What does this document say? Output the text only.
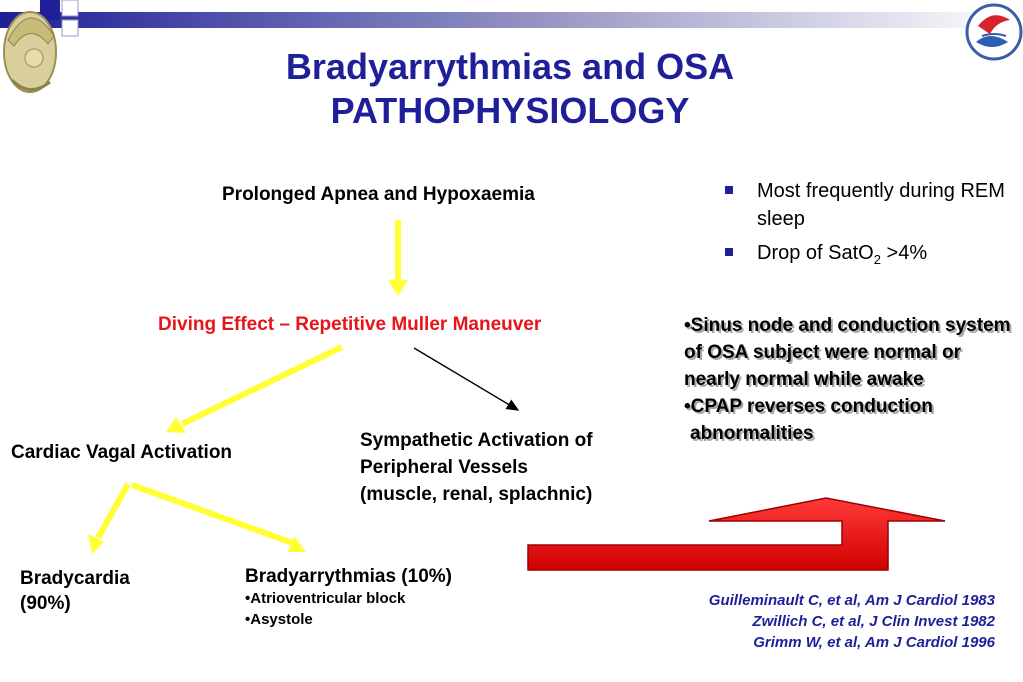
Bradyarrythmias and OSA
PATHOPHYSIOLOGY
Prolonged Apnea and Hypoxaemia
Diving Effect – Repetitive Muller Maneuver
Cardiac Vagal Activation
Sympathetic Activation of
Peripheral Vessels
(muscle, renal, splachnic)
Bradycardia
(90%)
Bradyarrythmias (10%)
•Atrioventricular block
•Asystole
Most frequently during REM sleep
Drop of SatO$_2$ >4%
•Sinus node and conduction system of OSA subject were normal or nearly normal while awake
•CPAP reverses conduction
abnormalities
Guilleminault C, et al, Am J Cardiol 1983
Zwillich C, et al, J Clin Invest 1982
Grimm W, et al, Am J Cardiol 1996
